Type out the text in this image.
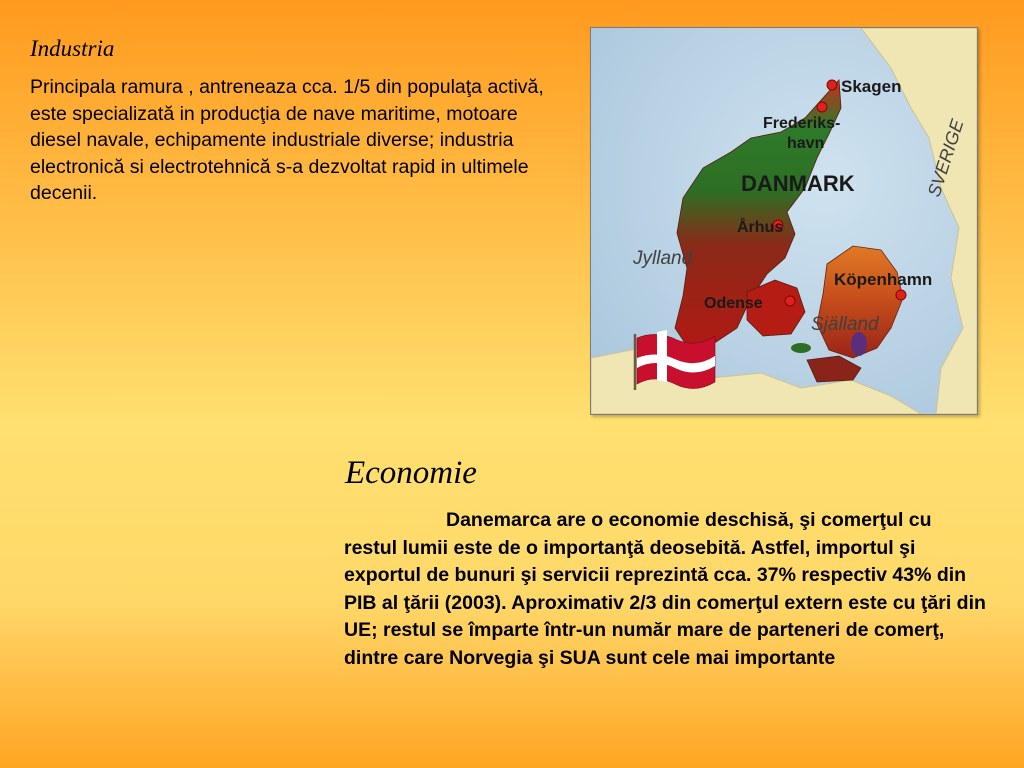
Industria
Principala ramura , antreneaza cca. 1/5 din populaţa activă, este specializată in producţia de nave maritime, motoare diesel navale, echipamente industriale diverse; industria electronică si electrotehnică s-a dezvoltat rapid in ultimele decenii.
Skagen
Frederiks-
havn
DANMARK	SVERIGE
Århus
Jylland
Köpenhamn
Odense
Själland
Economie
Danemarca are o economie deschisă, şi comerţul cu restul lumii este de o importanţă deosebită. Astfel, importul şi exportul de bunuri şi servicii reprezintă cca. 37% respectiv 43% din PIB al ţării (2003). Aproximativ 2/3 din comerţul extern este cu ţări din UE; restul se împarte într-un număr mare de parteneri de comerţ, dintre care Norvegia şi SUA sunt cele mai importante
